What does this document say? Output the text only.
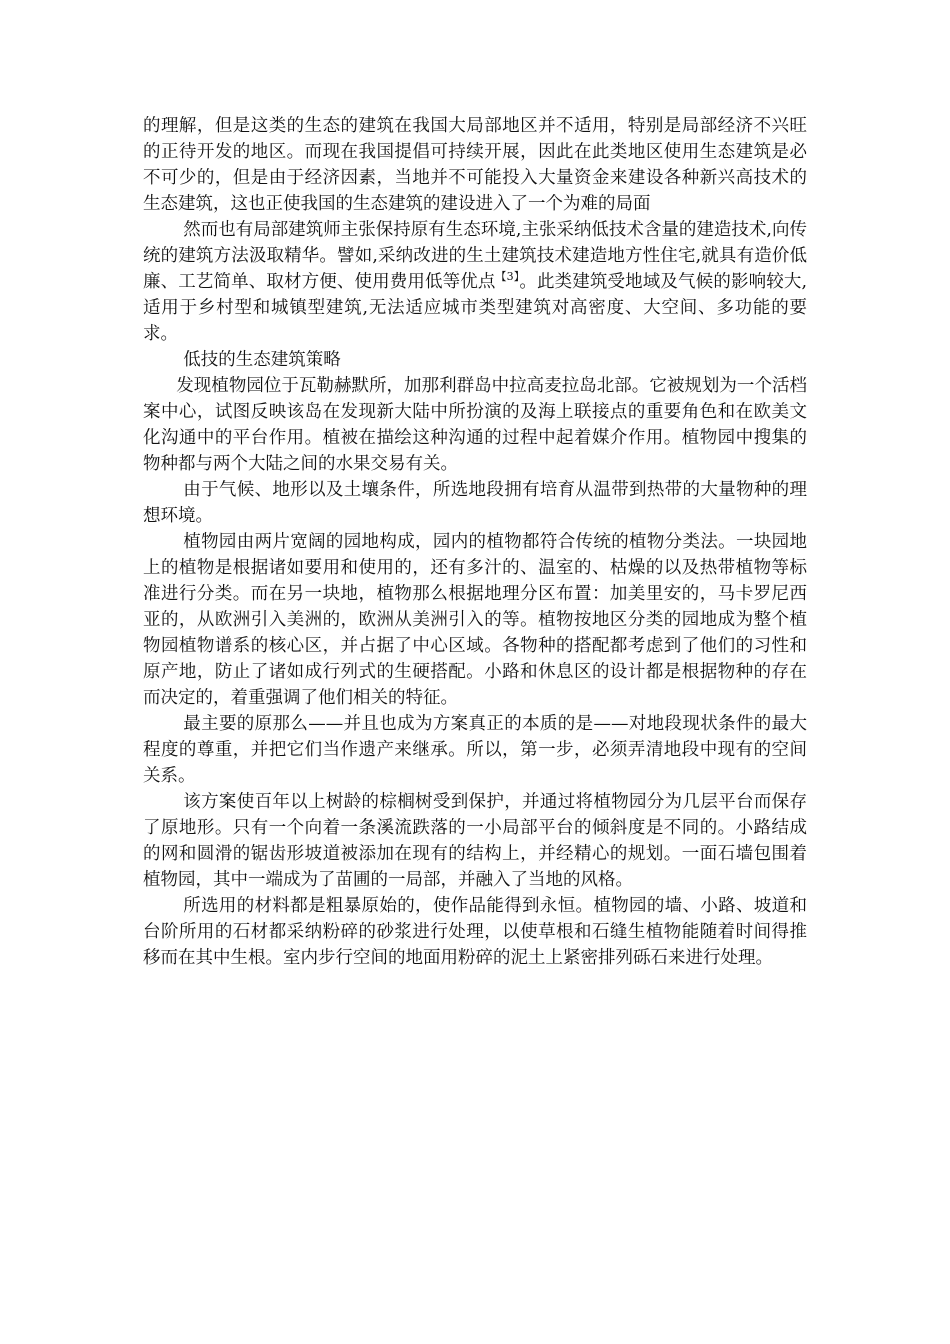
的理解，但是这类的生态的建筑在我国大局部地区并不适用，特别是局部经济不兴旺的正待开发的地区。而现在我国提倡可持续开展，因此在此类地区使用生态建筑是必不可少的，但是由于经济因素，当地并不可能投入大量资金来建设各种新兴高技术的生态建筑，这也正使我国的生态建筑的建设进入了一个为难的局面

然而也有局部建筑师主张保持原有生态环境,主张采纳低技术含量的建造技术,向传统的建筑方法汲取精华。譬如,采纳改进的生土建筑技术建造地方性住宅,就具有造价低廉、工艺简单、取材方便、使用费用低等优点$^{【3】}$。此类建筑受地域及气候的影响较大,适用于乡村型和城镇型建筑,无法适应城市类型建筑对高密度、大空间、多功能的要求。

低技的生态建筑策略

发现植物园位于瓦勒赫默所，加那利群岛中拉高麦拉岛北部。它被规划为一个活档案中心，试图反映该岛在发现新大陆中所扮演的及海上联接点的重要角色和在欧美文化沟通中的平台作用。植被在描绘这种沟通的过程中起着媒介作用。植物园中搜集的物种都与两个大陆之间的水果交易有关。

由于气候、地形以及土壤条件，所选地段拥有培育从温带到热带的大量物种的理想环境。

植物园由两片宽阔的园地构成，园内的植物都符合传统的植物分类法。一块园地上的植物是根据诸如要用和使用的，还有多汁的、温室的、枯燥的以及热带植物等标准进行分类。而在另一块地，植物那么根据地理分区布置：加美里安的，马卡罗尼西亚的，从欧洲引入美洲的，欧洲从美洲引入的等。植物按地区分类的园地成为整个植物园植物谱系的核心区，并占据了中心区域。各物种的搭配都考虑到了他们的习性和原产地，防止了诸如成行列式的生硬搭配。小路和休息区的设计都是根据物种的存在而决定的，着重强调了他们相关的特征。

最主要的原那么——并且也成为方案真正的本质的是——对地段现状条件的最大程度的尊重，并把它们当作遗产来继承。所以，第一步，必须弄清地段中现有的空间关系。

该方案使百年以上树龄的棕榈树受到保护，并通过将植物园分为几层平台而保存了原地形。只有一个向着一条溪流跌落的一小局部平台的倾斜度是不同的。小路结成的网和圆滑的锯齿形坡道被添加在现有的结构上，并经精心的规划。一面石墙包围着植物园，其中一端成为了苗圃的一局部，并融入了当地的风格。

所选用的材料都是粗暴原始的，使作品能得到永恒。植物园的墙、小路、坡道和台阶所用的石材都采纳粉碎的砂浆进行处理，以使草根和石缝生植物能随着时间得推移而在其中生根。室内步行空间的地面用粉碎的泥土上紧密排列砾石来进行处理。
